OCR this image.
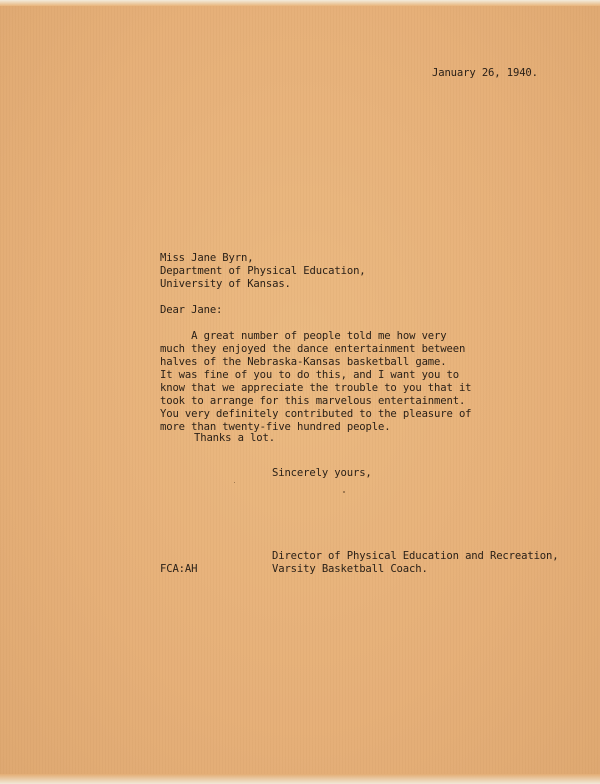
January 26, 1940.

Miss Jane Byrn,

Department of Physical Education,

University of Kansas.

Dear Jane:

A great number of people told me how very

much they enjoyed the dance entertainment between

halves of the Nebraska-Kansas basketball game.

It was fine of you to do this, and I want you to

know that we appreciate the trouble to you that it

took to arrange for this marvelous entertainment.

You very definitely contributed to the pleasure of

more than twenty-five hundred people.

Thanks a lot.

Sincerely yours,

Director of Physical Education and Recreation,

Varsity Basketball Coach.

FCA:AH
